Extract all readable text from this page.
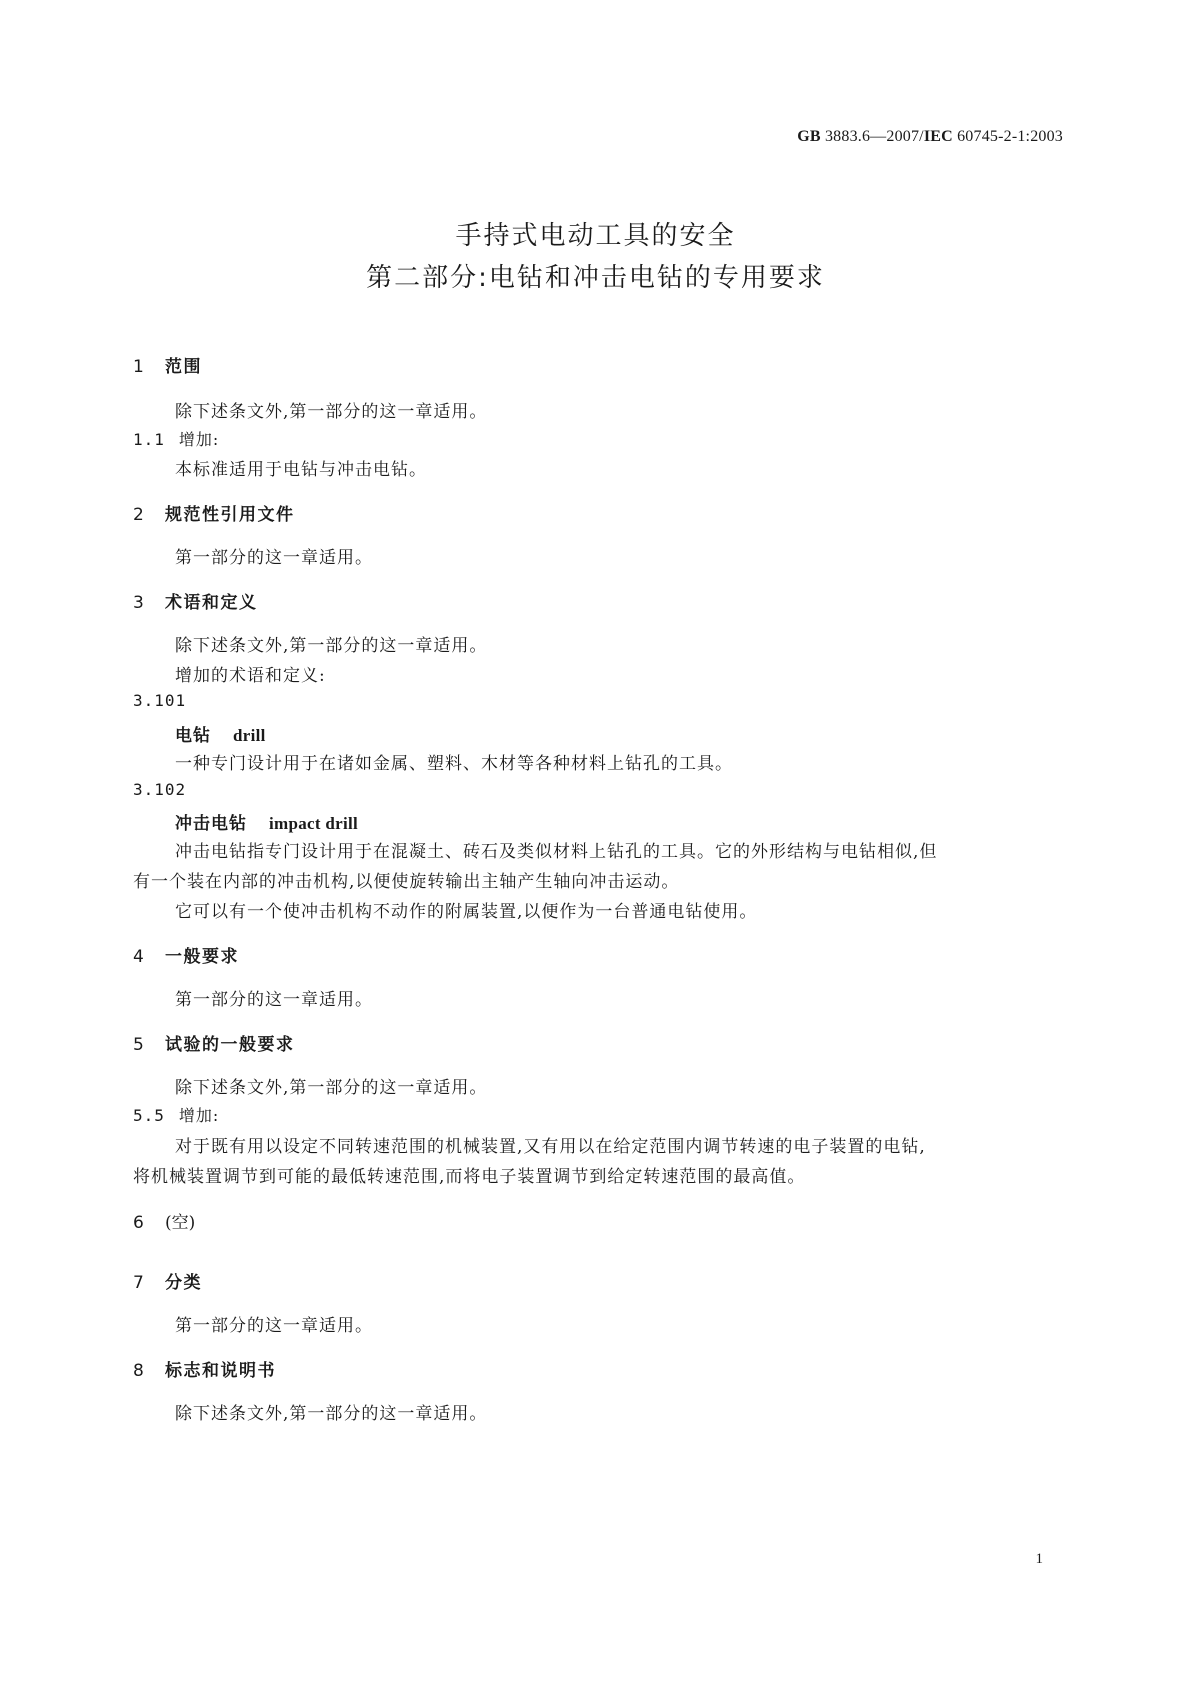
GB 3883.6—2007/IEC 60745-2-1:2003
手持式电动工具的安全
第二部分:电钻和冲击电钻的专用要求
1 范围
除下述条文外,第一部分的这一章适用。
1.1 增加:
本标准适用于电钻与冲击电钻。
2 规范性引用文件
第一部分的这一章适用。
3 术语和定义
除下述条文外,第一部分的这一章适用。
增加的术语和定义:
3.101
电钻 drill
一种专门设计用于在诸如金属、塑料、木材等各种材料上钻孔的工具。
3.102
冲击电钻 impact drill
冲击电钻指专门设计用于在混凝土、砖石及类似材料上钻孔的工具。它的外形结构与电钻相似,但
有一个装在内部的冲击机构,以便使旋转输出主轴产生轴向冲击运动。
它可以有一个使冲击机构不动作的附属装置,以便作为一台普通电钻使用。
4 一般要求
第一部分的这一章适用。
5 试验的一般要求
除下述条文外,第一部分的这一章适用。
5.5 增加:
对于既有用以设定不同转速范围的机械装置,又有用以在给定范围内调节转速的电子装置的电钻,
将机械装置调节到可能的最低转速范围,而将电子装置调节到给定转速范围的最高值。
6 (空)
7 分类
第一部分的这一章适用。
8 标志和说明书
除下述条文外,第一部分的这一章适用。
1
